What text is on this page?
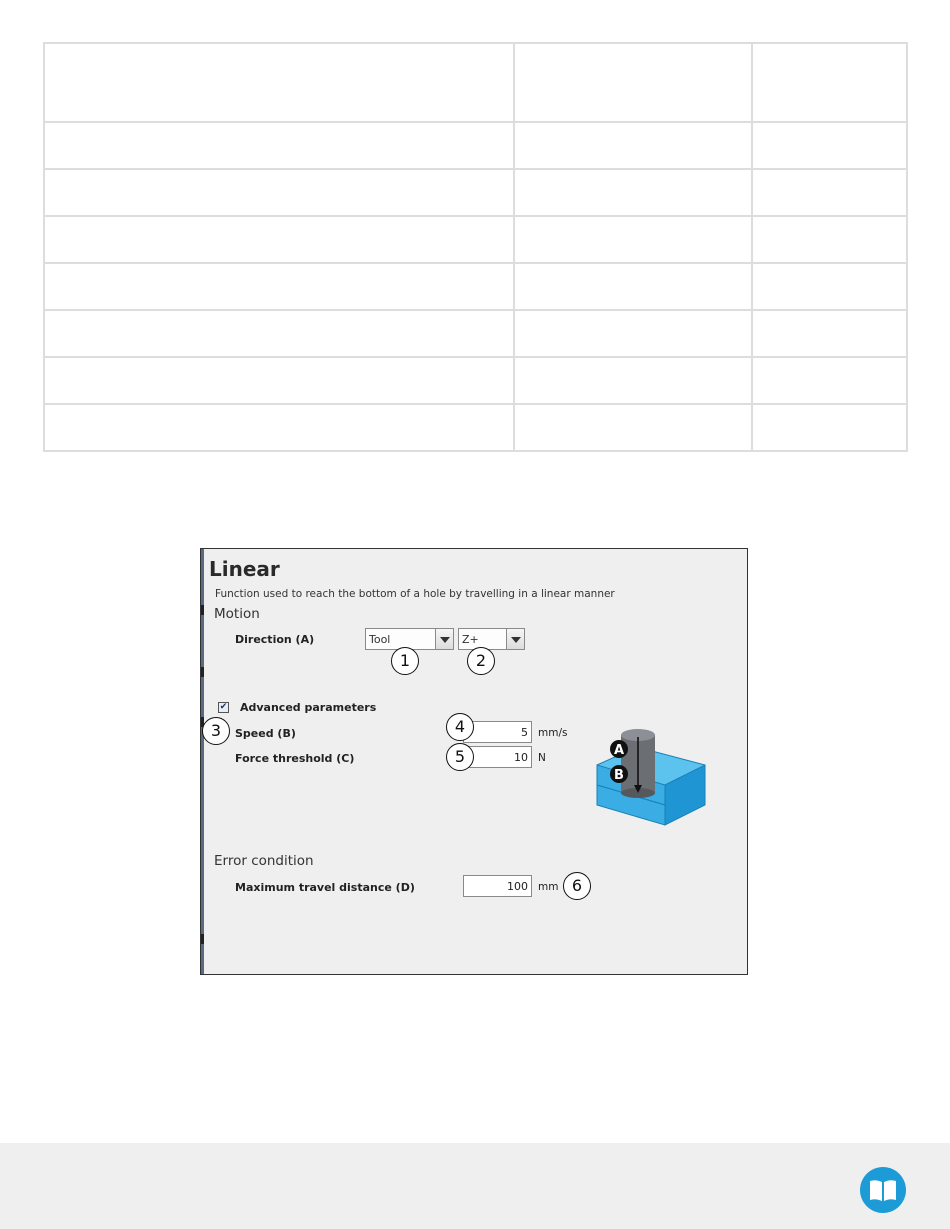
Linear
Function used to reach the bottom of a hole by travelling in a linear manner
Motion
Direction (A)	Tool	Z+
✔ Advanced parameters
Speed (B)	5 mm/s
Force threshold (C)	10 N	A
B
Error condition
Maximum travel distance (D)	100 mm
1	2
3	4
5
6
